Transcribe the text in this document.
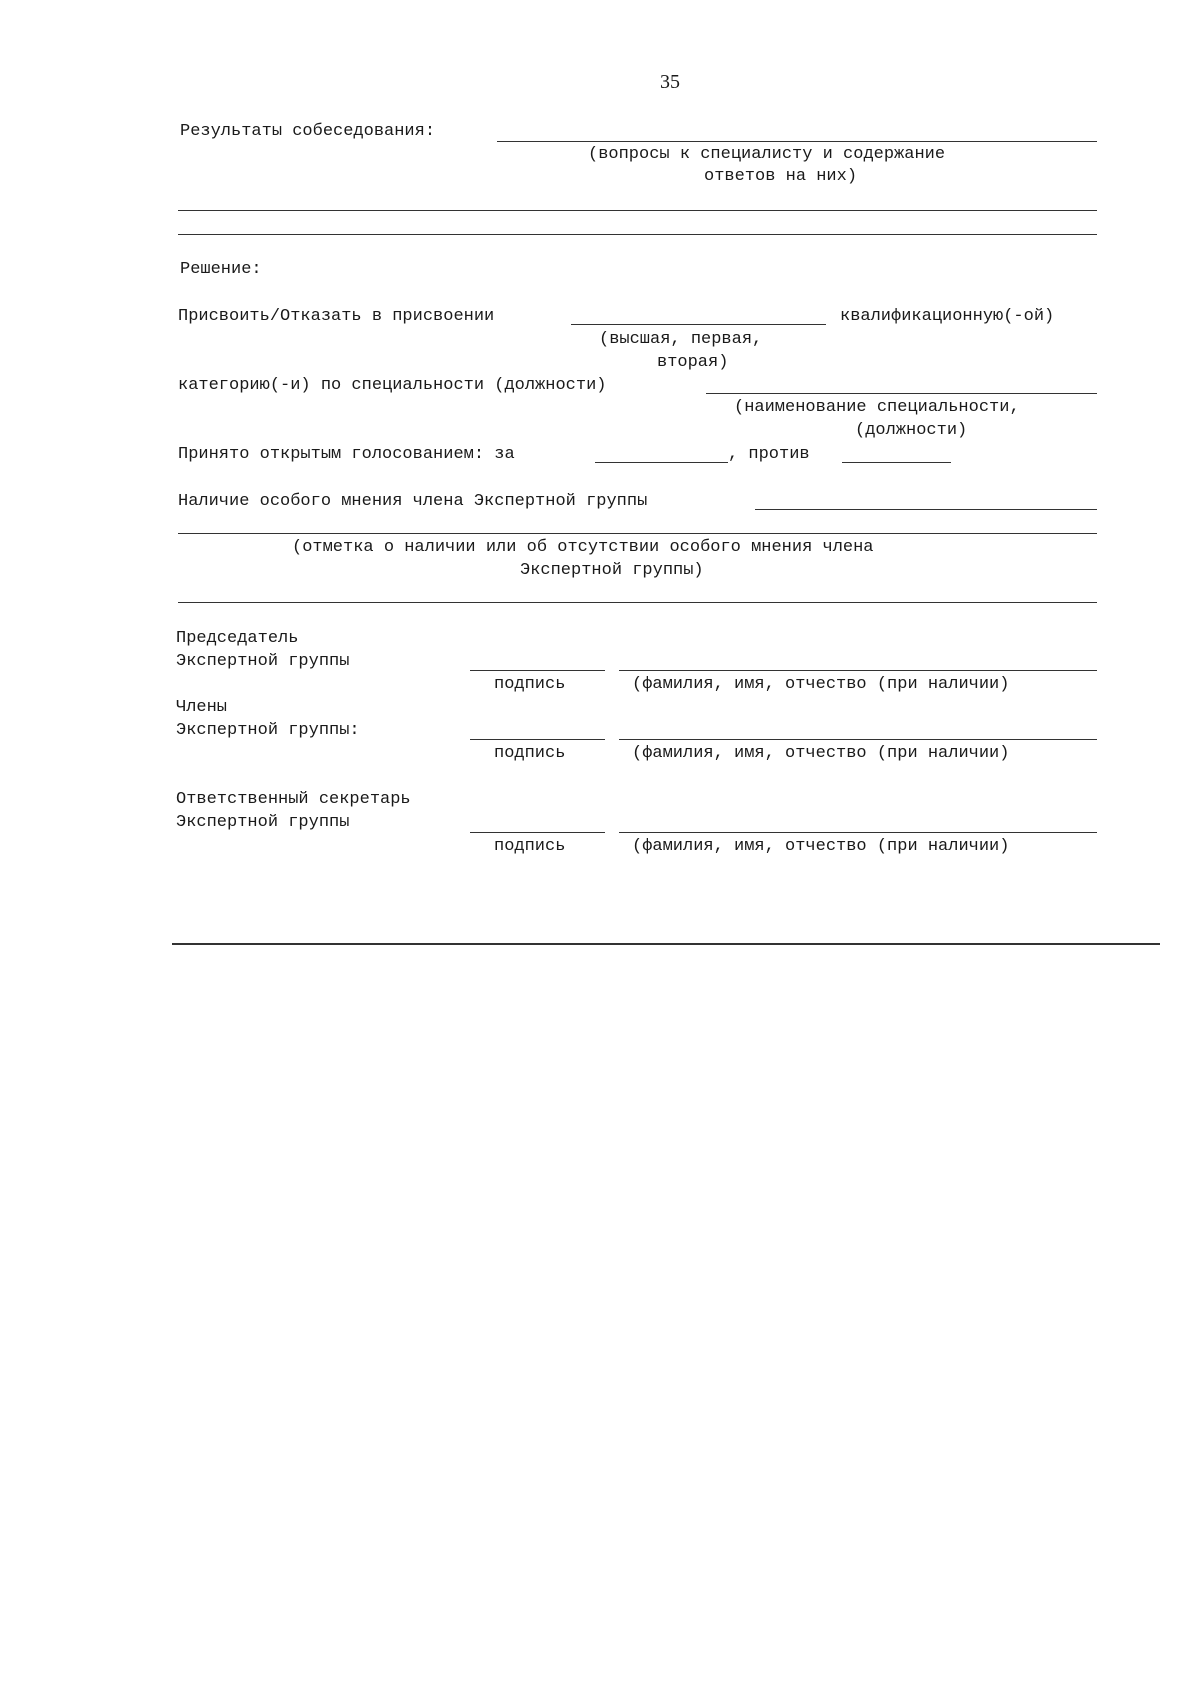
35
Результаты собеседования:
(вопросы к специалисту и содержание
ответов на них)
Решение:
Присвоить/Отказать в присвоении	квалификационную(-ой)
(высшая, первая,
вторая)
категорию(-и) по специальности (должности)
(наименование специальности,
(должности)
Принято открытым голосованием: за	, против
Наличие особого мнения члена Экспертной группы
(отметка о наличии или об отсутствии особого мнения члена
Экспертной группы)
Председатель
Экспертной группы
подпись	(фамилия, имя, отчество (при наличии)
Члены
Экспертной группы:
подпись	(фамилия, имя, отчество (при наличии)
Ответственный секретарь
Экспертной группы
подпись	(фамилия, имя, отчество (при наличии)
